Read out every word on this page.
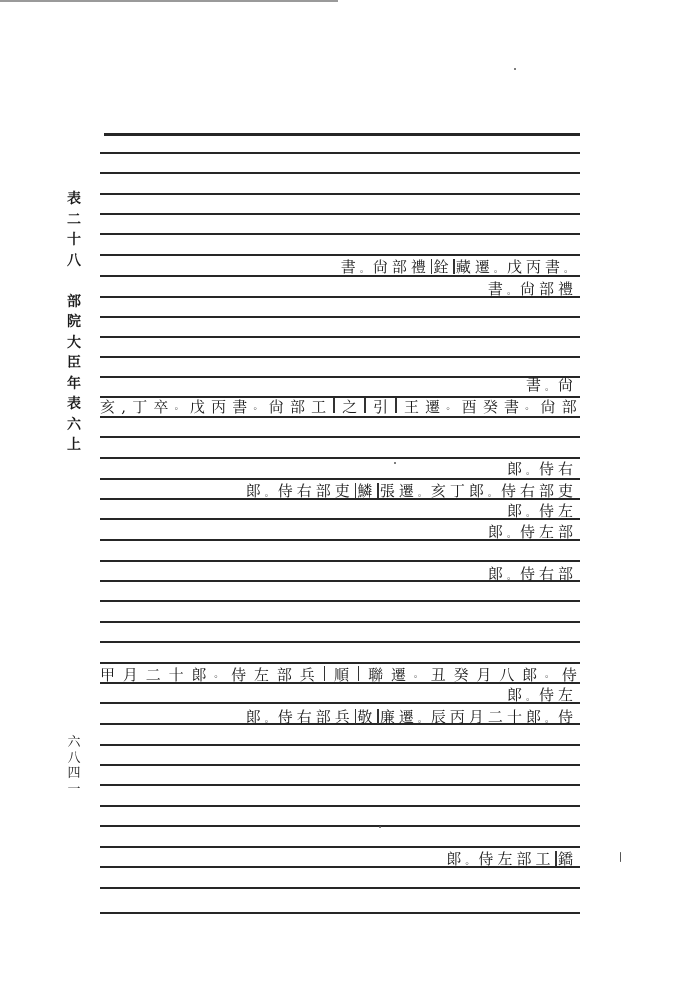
表
二
十
八

部
院
大
臣
年
表
六
上
六
八
四
一
書。尙部禮 銓 藏遷。戊丙書。
書。尙部禮
書。尙
亥 , 丁 卒 。 戊 丙 書 。 尙 部 工 之 引 王 遷 。 酉 癸 書 。 尙 部
郞。侍右
郞。侍右部吏 鱗 張遷。亥丁郞。侍右部吏
郞。侍左
郞。侍左部
郞。侍右部
甲 月 二 十 郞 。 侍 左 部 兵 順 聯 遷 。 丑 癸 月 八 郞 。 侍
郞。侍左
郞。侍右部兵 敬 廉遷。辰丙月二十郞。侍
郞。侍左部工 鐈
